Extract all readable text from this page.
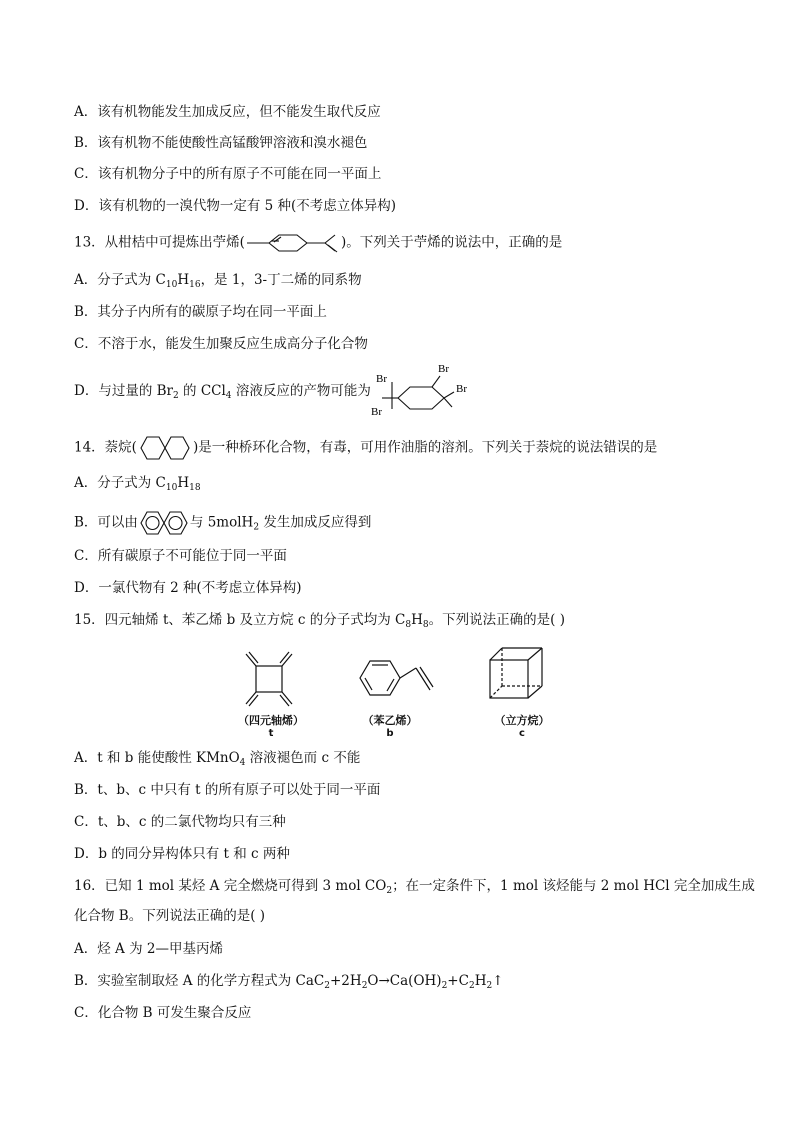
A．该有机物能发生加成反应，但不能发生取代反应
B．该有机物不能使酸性高锰酸钾溶液和溴水褪色
C．该有机物分子中的所有原子不可能在同一平面上
D．该有机物的一溴代物一定有 5 种(不考虑立体异构)
13．从柑桔中可提炼出苧烯(	)。下列关于苧烯的说法中，正确的是
A．分子式为 $C_{10}H_{16}$，是 1，3-丁二烯的同系物
B．其分子内所有的碳原子均在同一平面上
C．不溶于水，能发生加聚反应生成高分子化合物
D．与过量的 $Br_2$ 的 CCl$_4$ 溶液反应的产物可能为
Br
Br
Br
Br
14．萘烷(	)是一种桥环化合物，有毒，可用作油脂的溶剂。下列关于萘烷的说法错误的是
A．分子式为 $C_{10}H_{18}$
B．可以由	与 5molH$_2$ 发生加成反应得到
C．所有碳原子不可能位于同一平面
D．一氯代物有 2 种(不考虑立体异构)
15．四元轴烯 t、苯乙烯 b 及立方烷 c 的分子式均为 $C_8H_8$。下列说法正确的是( )
（四元轴烯）
t
（苯乙烯）
b
（立方烷）
c
A．t 和 b 能使酸性 KMnO$_4$ 溶液褪色而 c 不能
B．t、b、c 中只有 t 的所有原子可以处于同一平面
C．t、b、c 的二氯代物均只有三种
D．b 的同分异构体只有 t 和 c 两种
16．已知 1 mol 某烃 A 完全燃烧可得到 3 mol $CO_2$；在一定条件下，1 mol 该烃能与 2 mol HCl 完全加成生成
化合物 B。下列说法正确的是( )
A．烃 A 为 2—甲基丙烯
B．实验室制取烃 A 的化学方程式为 $CaC_2+2H_2O\to Ca(OH)_2+C_2H_2↑$
C．化合物 B 可发生聚合反应
